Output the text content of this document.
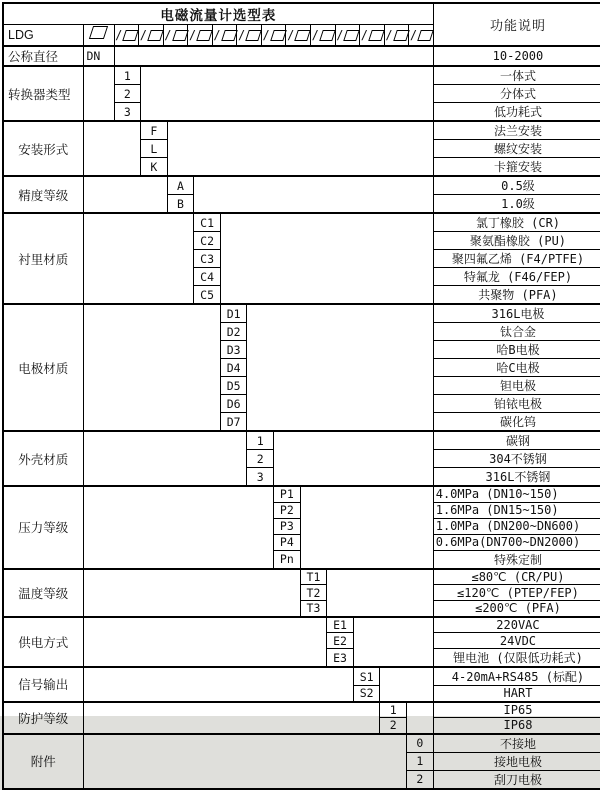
电磁流量计选型表														功能说明
LDG		/ / / / / / / / / / / / /

公称直径	DN													10-2000
转换器类型		1												一体式
		2												分体式
		3												低功耗式
安装形式			F											法兰安装
			L											螺纹安装
			K											卡箍安装
精度等级				A										0.5级
				B										1.0级
衬里材质					C1									氯丁橡胶 (CR)
					C2									聚氨酯橡胶 (PU)
					C3									聚四氟乙烯 (F4/PTFE)
					C4									特氟龙 (F46/FEP)
					C5									共聚物 (PFA)
电极材质						D1								316L电极
						D2								钛合金
						D3								哈B电极
						D4								哈C电极
						D5								钽电极
						D6								铂铱电极
						D7								碳化钨
外壳材质							1							碳钢
							2							304不锈钢
							3							316L不锈钢
压力等级								P1						4.0MPa (DN10~150)
								P2						1.6MPa (DN15~150)
								P3						1.0MPa (DN200~DN600)
								P4						0.6MPa(DN700~DN2000)
								Pn						特殊定制
温度等级									T1					≤80℃ (CR/PU)
									T2					≤120℃ (PTEP/FEP)
									T3					≤200℃ (PFA)
供电方式										E1				220VAC
										E2				24VDC
										E3				锂电池 (仅限低功耗式)
信号输出											S1			4-20mA+RS485 (标配)
											S2			HART
防护等级												1		IP65
												2		IP68
附件													0	不接地
													1	接地电极
													2	刮刀电极
